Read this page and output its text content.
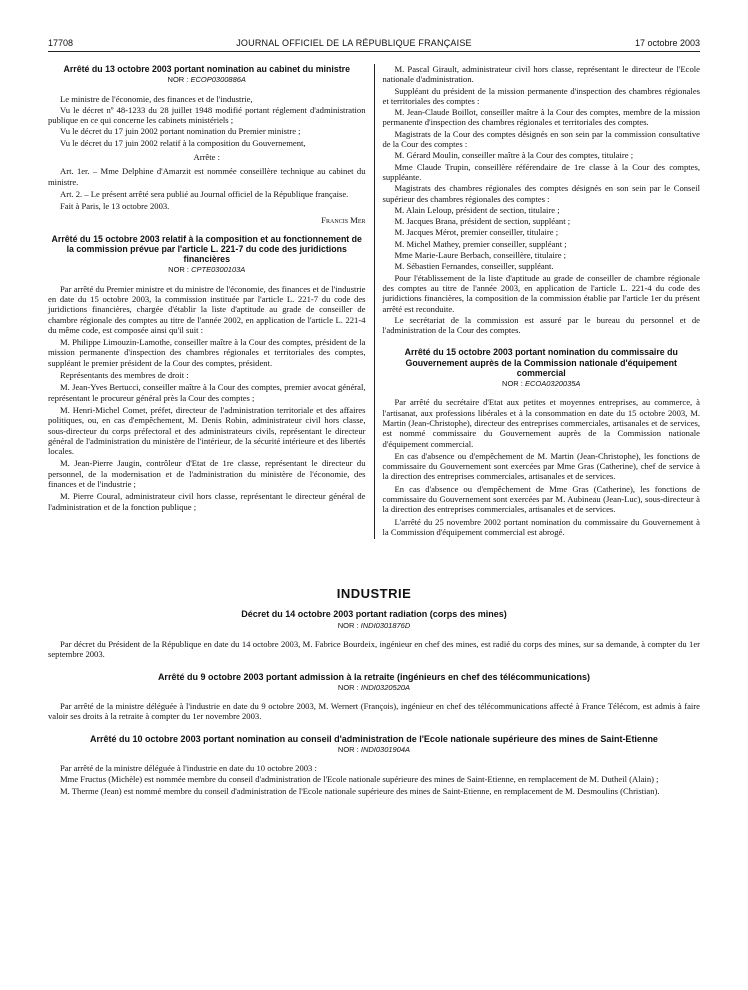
17708	JOURNAL OFFICIEL DE LA RÉPUBLIQUE FRANÇAISE	17 octobre 2003

Arrêté du 13 octobre 2003 portant nomination au cabinet du ministre

NOR : ECOP0300886A

Le ministre de l'économie, des finances et de l'industrie,

Vu le décret nº 48-1233 du 28 juillet 1948 modifié portant réglement d'administration publique en ce qui concerne les cabinets ministériels ;

Vu le décret du 17 juin 2002 portant nomination du Premier ministre ;

Vu le décret du 17 juin 2002 relatif à la composition du Gouvernement,

Arrête :

Art. 1er. – Mme Delphine d'Amarzit est nommée conseillère technique au cabinet du ministre.

Art. 2. – Le présent arrêté sera publié au Journal officiel de la République française.

Fait à Paris, le 13 octobre 2003.

Francis Mer

Arrêté du 15 octobre 2003 relatif à la composition et au fonctionnement de la commission prévue par l'article L. 221-7 du code des juridictions financières

NOR : CPTE0300103A

Par arrêté du Premier ministre et du ministre de l'économie, des finances et de l'industrie en date du 15 octobre 2003, la commission instituée par l'article L. 221-7 du code des juridictions financières, chargée d'établir la liste d'aptitude au grade de conseiller de chambre régionale des comptes au titre de l'année 2002, en application de l'article L. 221-4 du même code, est composée ainsi qu'il suit :

M. Philippe Limouzin-Lamothe, conseiller maître à la Cour des comptes, président de la mission permanente d'inspection des chambres régionales et territoriales des comptes, suppléant le premier président de la Cour des comptes, président.

Représentants des membres de droit :

M. Jean-Yves Bertucci, conseiller maître à la Cour des comptes, premier avocat général, représentant le procureur général près la Cour des comptes ;

M. Henri-Michel Comet, préfet, directeur de l'administration territoriale et des affaires politiques, ou, en cas d'empêchement, M. Denis Robin, administrateur civil hors classe, sous-directeur du corps préfectoral et des administrateurs civils, représentant le directeur général de l'administration du ministère de l'intérieur, de la sécurité intérieure et des libertés locales.

M. Jean-Pierre Jaugin, contrôleur d'Etat de 1re classe, représentant le directeur du personnel, de la modernisation et de l'administration du ministère de l'économie, des finances et de l'industrie ;

M. Pierre Coural, administrateur civil hors classe, représentant le directeur général de l'administration et de la fonction publique ;

M. Pascal Girault, administrateur civil hors classe, représentant le directeur de l'Ecole nationale d'administration.

Suppléant du président de la mission permanente d'inspection des chambres régionales et territoriales des comptes :

M. Jean-Claude Boillot, conseiller maître à la Cour des comptes, membre de la mission permanente d'inspection des chambres régionales et territoriales des comptes.

Magistrats de la Cour des comptes désignés en son sein par la commission consultative de la Cour des comptes :

M. Gérard Moulin, conseiller maître à la Cour des comptes, titulaire ;

Mme Claude Trupin, conseillère référendaire de 1re classe à la Cour des comptes, suppléante.

Magistrats des chambres régionales des comptes désignés en son sein par le Conseil supérieur des chambres régionales des comptes :

M. Alain Leloup, président de section, titulaire ;

M. Jacques Brana, président de section, suppléant ;

M. Jacques Mérot, premier conseiller, titulaire ;

M. Michel Mathey, premier conseiller, suppléant ;

Mme Marie-Laure Berbach, conseillère, titulaire ;

M. Sébastien Fernandes, conseiller, suppléant.

Pour l'établissement de la liste d'aptitude au grade de conseiller de chambre régionale des comptes au titre de l'année 2003, en application de l'article L. 221-4 du code des juridictions financières, la composition de la commission établie par l'article 1er du présent arrêté est reconduite.

Le secrétariat de la commission est assuré par le bureau du personnel et de l'administration de la Cour des comptes.

Arrêté du 15 octobre 2003 portant nomination du commissaire du Gouvernement auprès de la Commission nationale d'équipement commercial

NOR : ECOA0320035A

Par arrêté du secrétaire d'Etat aux petites et moyennes entreprises, au commerce, à l'artisanat, aux professions libérales et à la consommation en date du 15 octobre 2003, M. Martin (Jean-Christophe), directeur des entreprises commerciales, artisanales et de services, est nommé commissaire du Gouvernement auprès de la Commission nationale d'équipement commercial.

En cas d'absence ou d'empêchement de M. Martin (Jean-Christophe), les fonctions de commissaire du Gouvernement sont exercées par Mme Gras (Catherine), chef de service à la direction des entreprises commerciales, artisanales et de services.

En cas d'absence ou d'empêchement de Mme Gras (Catherine), les fonctions de commissaire du Gouvernement sont exercées par M. Aubineau (Jean-Luc), sous-directeur à la direction des entreprises commerciales, artisanales et de services.

L'arrêté du 25 novembre 2002 portant nomination du commissaire du Gouvernement à la Commission d'équipement commercial est abrogé.

INDUSTRIE

Décret du 14 octobre 2003 portant radiation (corps des mines)

NOR : INDI0301876D

Par décret du Président de la République en date du 14 octobre 2003, M. Fabrice Bourdeix, ingénieur en chef des mines, est radié du corps des mines, sur sa demande, à compter du 1er septembre 2003.

Arrêté du 9 octobre 2003 portant admission à la retraite (ingénieurs en chef des télécommunications)

NOR : INDI0320520A

Par arrêté de la ministre déléguée à l'industrie en date du 9 octobre 2003, M. Wernert (François), ingénieur en chef des télécommunications affecté à France Télécom, est admis à faire valoir ses droits à la retraite à compter du 1er novembre 2003.

Arrêté du 10 octobre 2003 portant nomination au conseil d'administration de l'Ecole nationale supérieure des mines de Saint-Etienne

NOR : INDI0301904A

Par arrêté de la ministre déléguée à l'industrie en date du 10 octobre 2003 :

Mme Fructus (Michèle) est nommée membre du conseil d'administration de l'Ecole nationale supérieure des mines de Saint-Etienne, en remplacement de M. Dutheil (Alain) ;

M. Therme (Jean) est nommé membre du conseil d'administration de l'Ecole nationale supérieure des mines de Saint-Etienne, en remplacement de M. Desmoulins (Christian).
